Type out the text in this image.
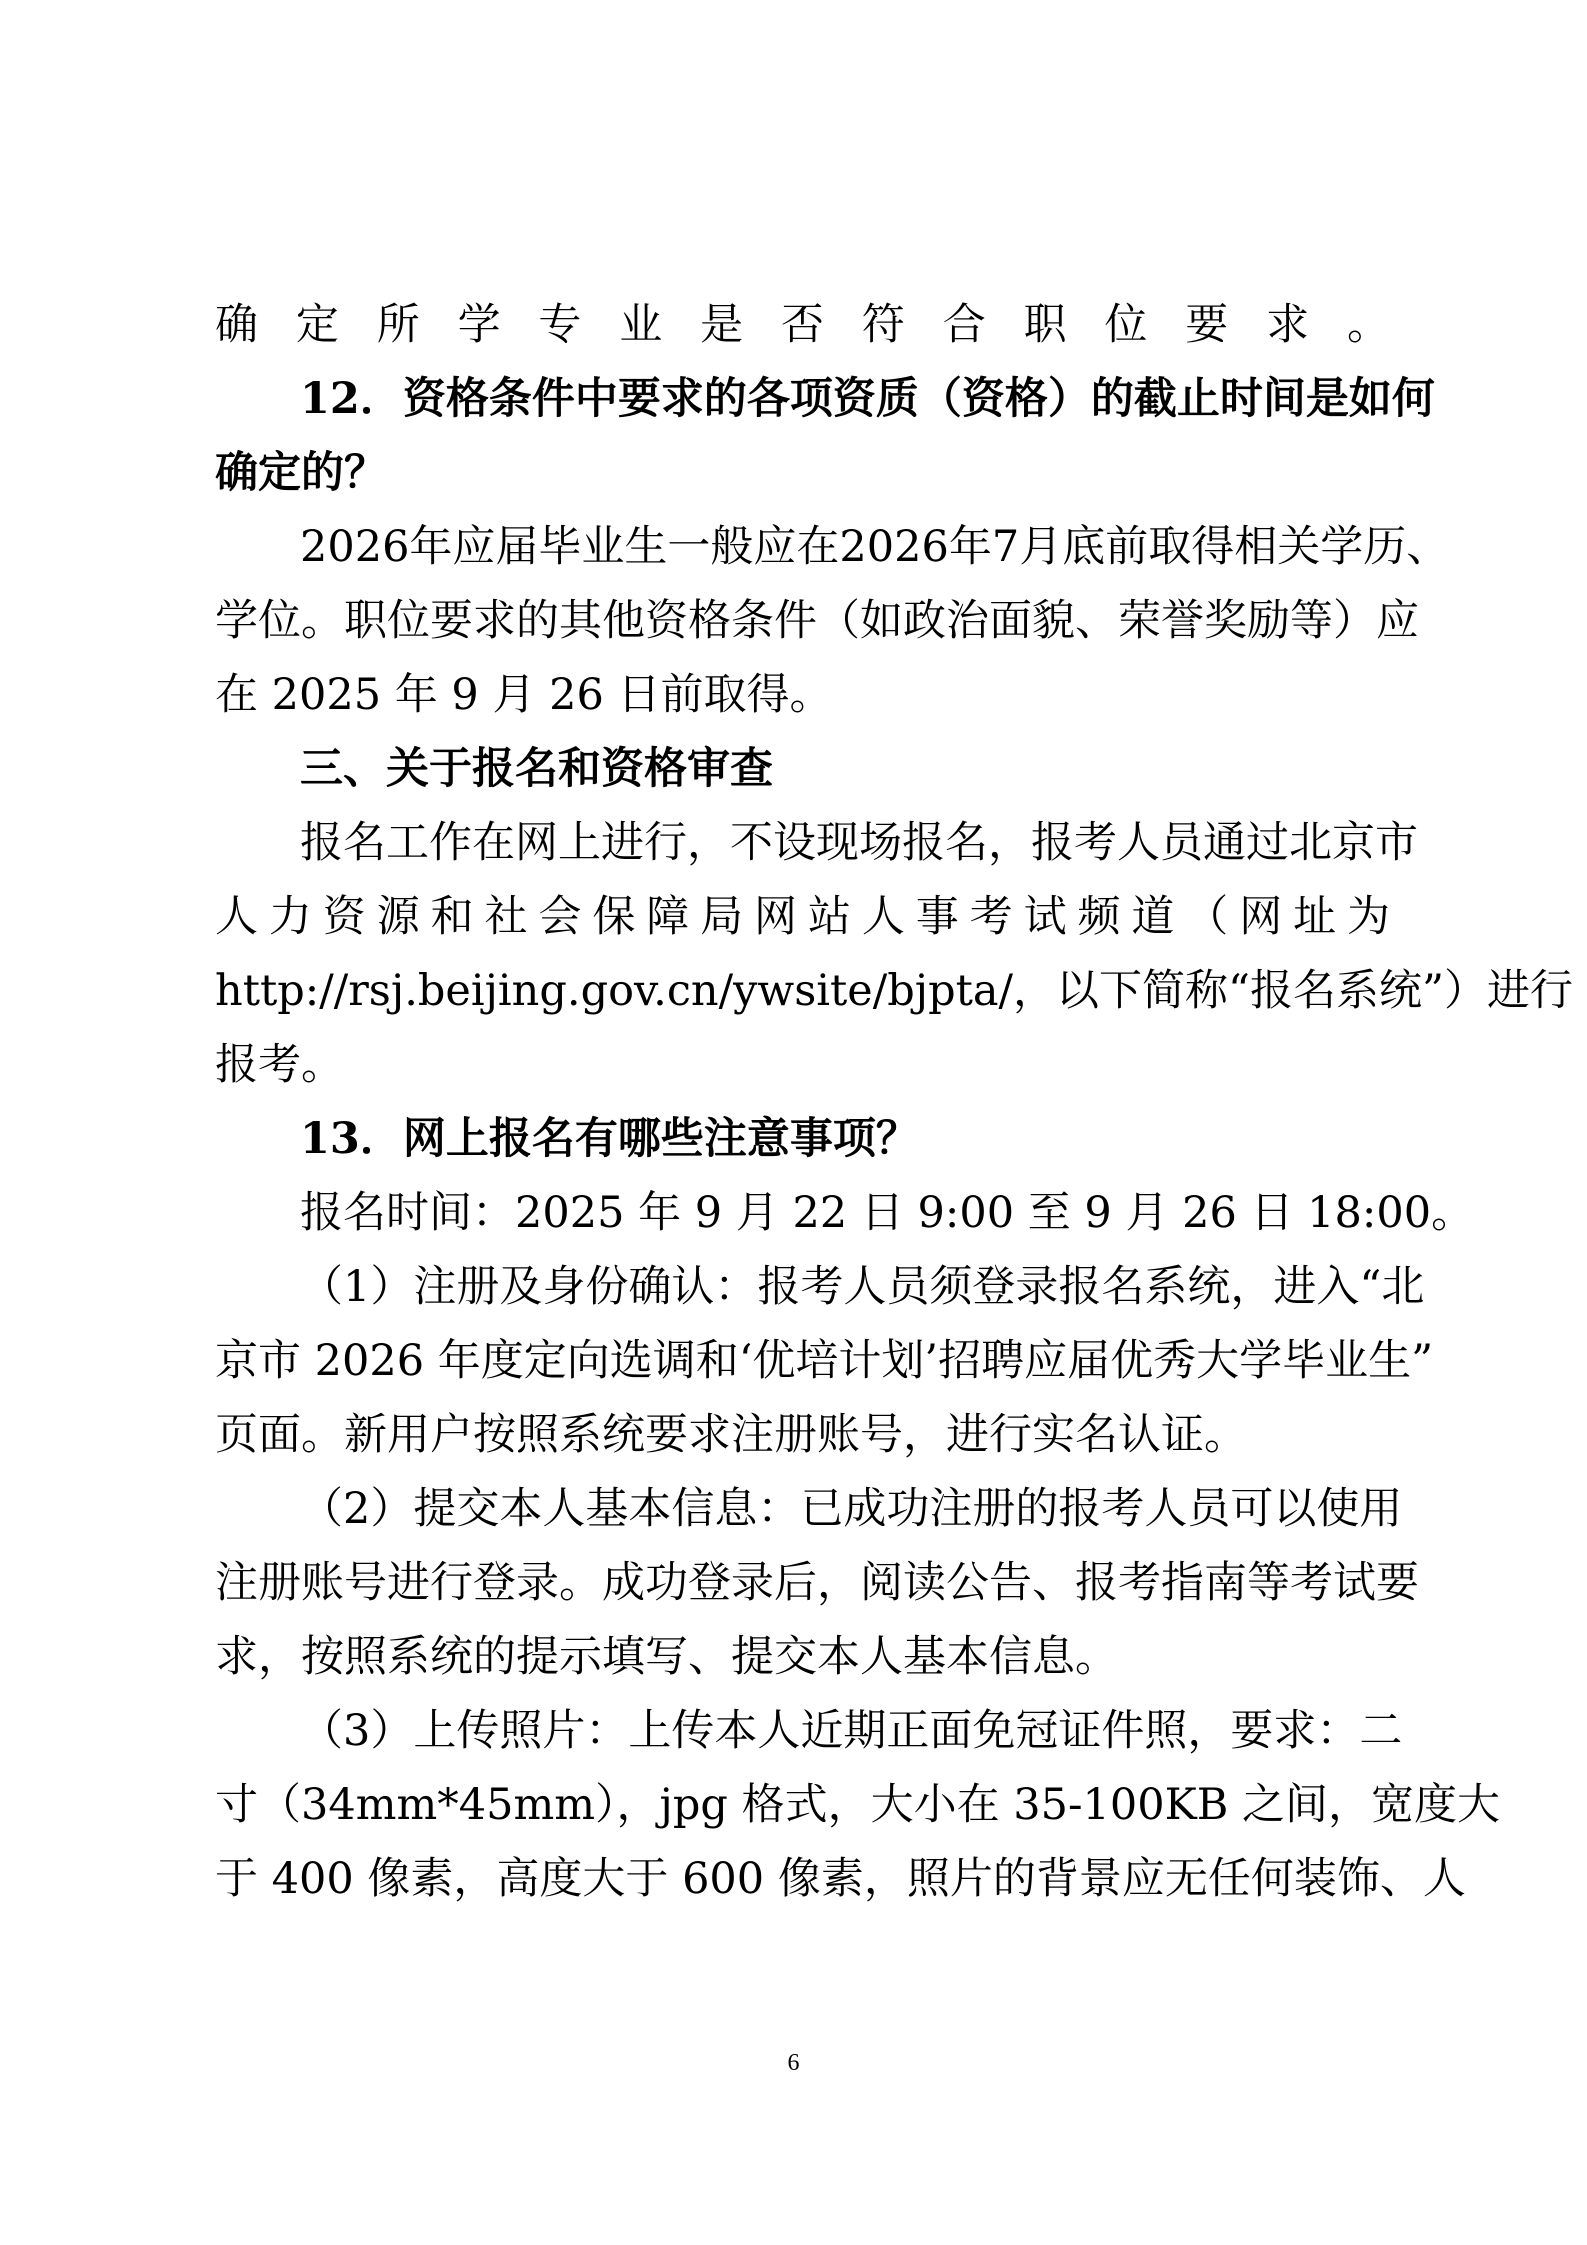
确定所学专业是否符合职位要求。
12．资格条件中要求的各项资质（资格）的截止时间是如何
确定的？
2026年应届毕业生一般应在2026年7月底前取得相关学历、
学位。职位要求的其他资格条件（如政治面貌、荣誉奖励等）应
在 2025 年 9 月 26 日前取得。
三、关于报名和资格审查
报名工作在网上进行，不设现场报名，报考人员通过北京市
人力资源和社会保障局网站人事考试频道（网址为
http://rsj.beijing.gov.cn/ywsite/bjpta/，以下简称“报名系统”）进行
报考。
13．网上报名有哪些注意事项？
报名时间：2025 年 9 月 22 日 9:00 至 9 月 26 日 18:00。
（1）注册及身份确认：报考人员须登录报名系统，进入“北
京市 2026 年度定向选调和‘优培计划’招聘应届优秀大学毕业生”
页面。新用户按照系统要求注册账号，进行实名认证。
（2）提交本人基本信息：已成功注册的报考人员可以使用
注册账号进行登录。成功登录后，阅读公告、报考指南等考试要
求，按照系统的提示填写、提交本人基本信息。
（3）上传照片：上传本人近期正面免冠证件照，要求：二
寸（34mm*45mm），jpg 格式，大小在 35-100KB 之间，宽度大
于 400 像素，高度大于 600 像素，照片的背景应无任何装饰、人
6
